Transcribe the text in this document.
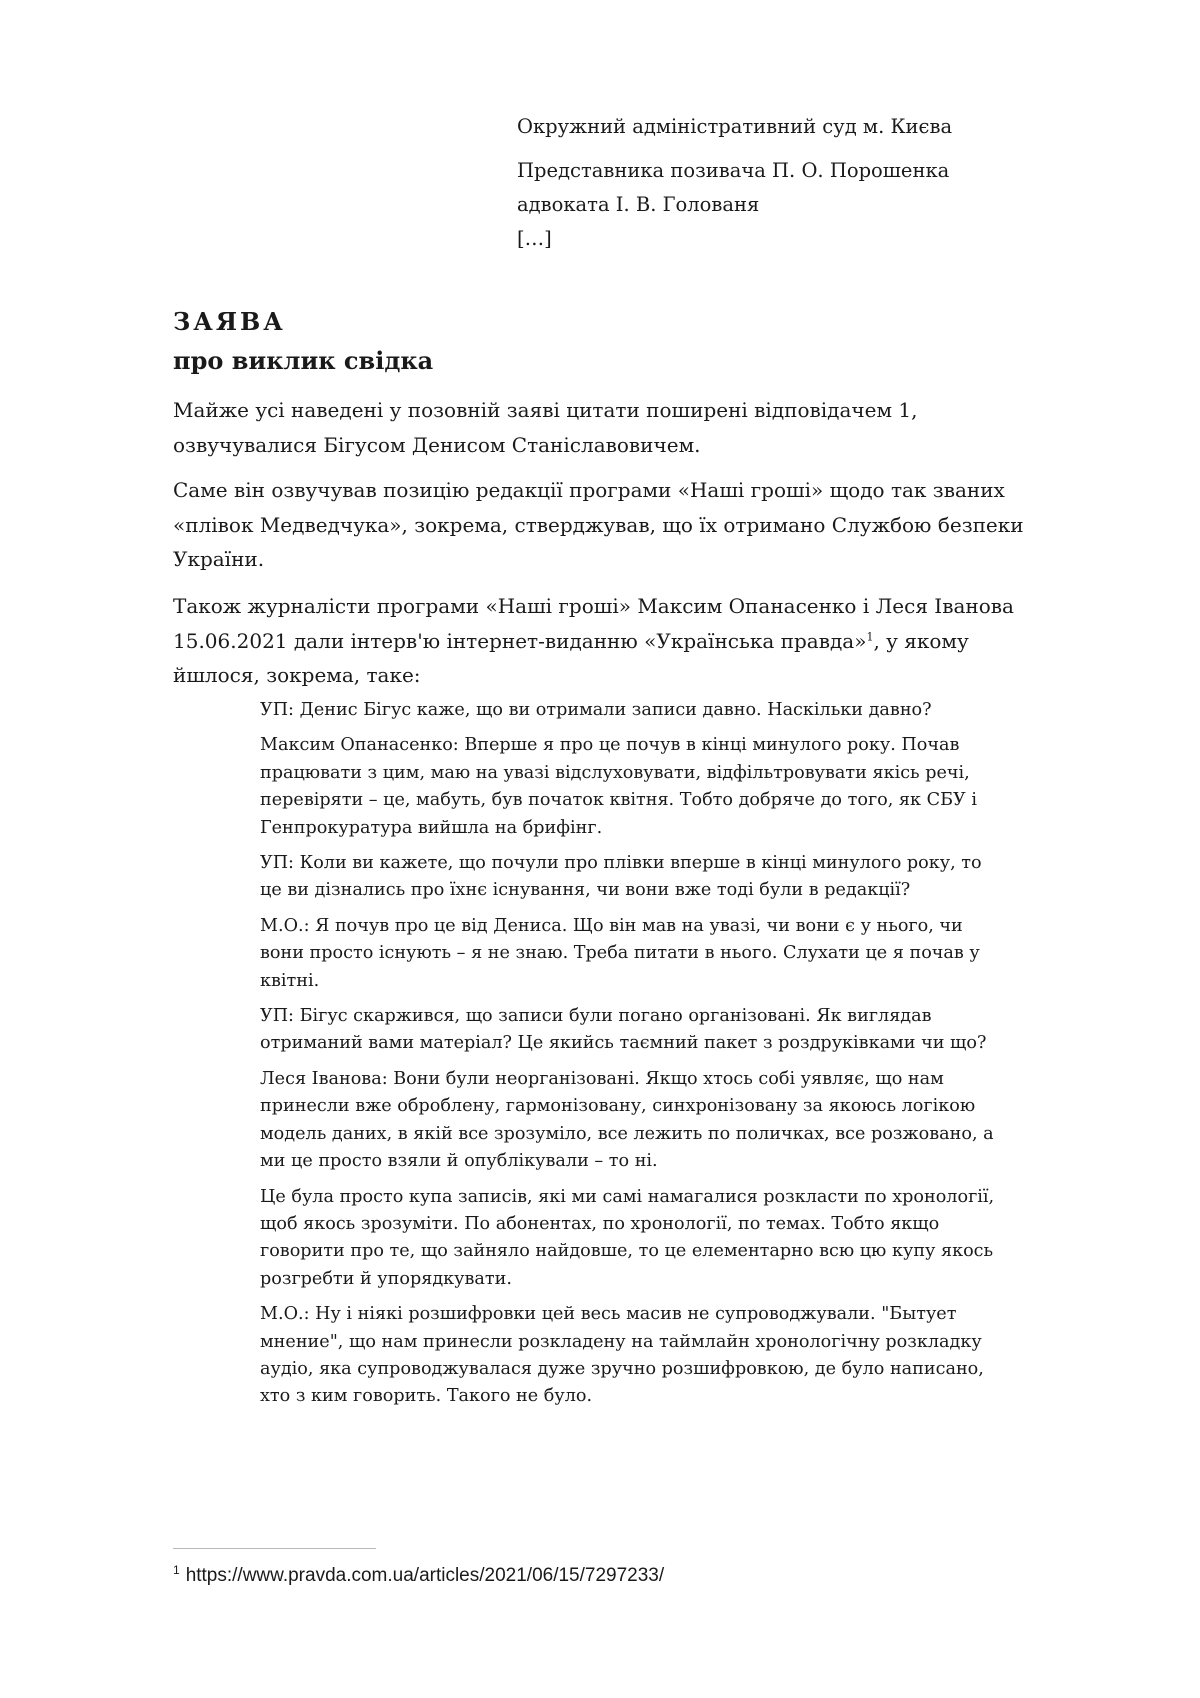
Окружний адміністративний суд м. Києва

Представника позивача П. О. Порошенка

адвоката І. В. Голованя

[…]

ЗАЯВА
про виклик свідка

Майже усі наведені у позовній заяві цитати поширені відповідачем 1, озвучувалися Бігусом Денисом Станіславовичем.

Саме він озвучував позицію редакції програми «Наші гроші» щодо так званих «плівок Медведчука», зокрема, стверджував, що їх отримано Службою безпеки України.

Також журналісти програми «Наші гроші» Максим Опанасенко і Леся Іванова 15.06.2021 дали інтерв'ю інтернет-виданню «Українська правда»$^1$, у якому йшлося, зокрема, таке:

УП: Денис Бігус каже, що ви отримали записи давно. Наскільки давно?

Максим Опанасенко: Вперше я про це почув в кінці минулого року. Почав працювати з цим, маю на увазі відслуховувати, відфільтровувати якісь речі, перевіряти – це, мабуть, був початок квітня. Тобто добряче до того, як СБУ і Генпрокуратура вийшла на брифінг.

УП: Коли ви кажете, що почули про плівки вперше в кінці минулого року, то це ви дізнались про їхнє існування, чи вони вже тоді були в редакції?

М.О.: Я почув про це від Дениса. Що він мав на увазі, чи вони є у нього, чи вони просто існують – я не знаю. Треба питати в нього. Слухати це я почав у квітні.

УП: Бігус скаржився, що записи були погано організовані. Як виглядав отриманий вами матеріал? Це якийсь таємний пакет з роздруківками чи що?

Леся Іванова: Вони були неорганізовані. Якщо хтось собі уявляє, що нам принесли вже оброблену, гармонізовану, синхронізовану за якоюсь логікою модель даних, в якій все зрозуміло, все лежить по поличках, все розжовано, а ми це просто взяли й опублікували – то ні.

Це була просто купа записів, які ми самі намагалися розкласти по хронології, щоб якось зрозуміти. По абонентах, по хронології, по темах. Тобто якщо говорити про те, що зайняло найдовше, то це елементарно всю цю купу якось розгребти й упорядкувати.

М.О.: Ну і ніякі розшифровки цей весь масив не супроводжували. "Бытует мнение", що нам принесли розкладену на таймлайн хронологічну розкладку аудіо, яка супроводжувалася дуже зручно розшифровкою, де було написано, хто з ким говорить. Такого не було.

$^1$ https://www.pravda.com.ua/articles/2021/06/15/7297233/
